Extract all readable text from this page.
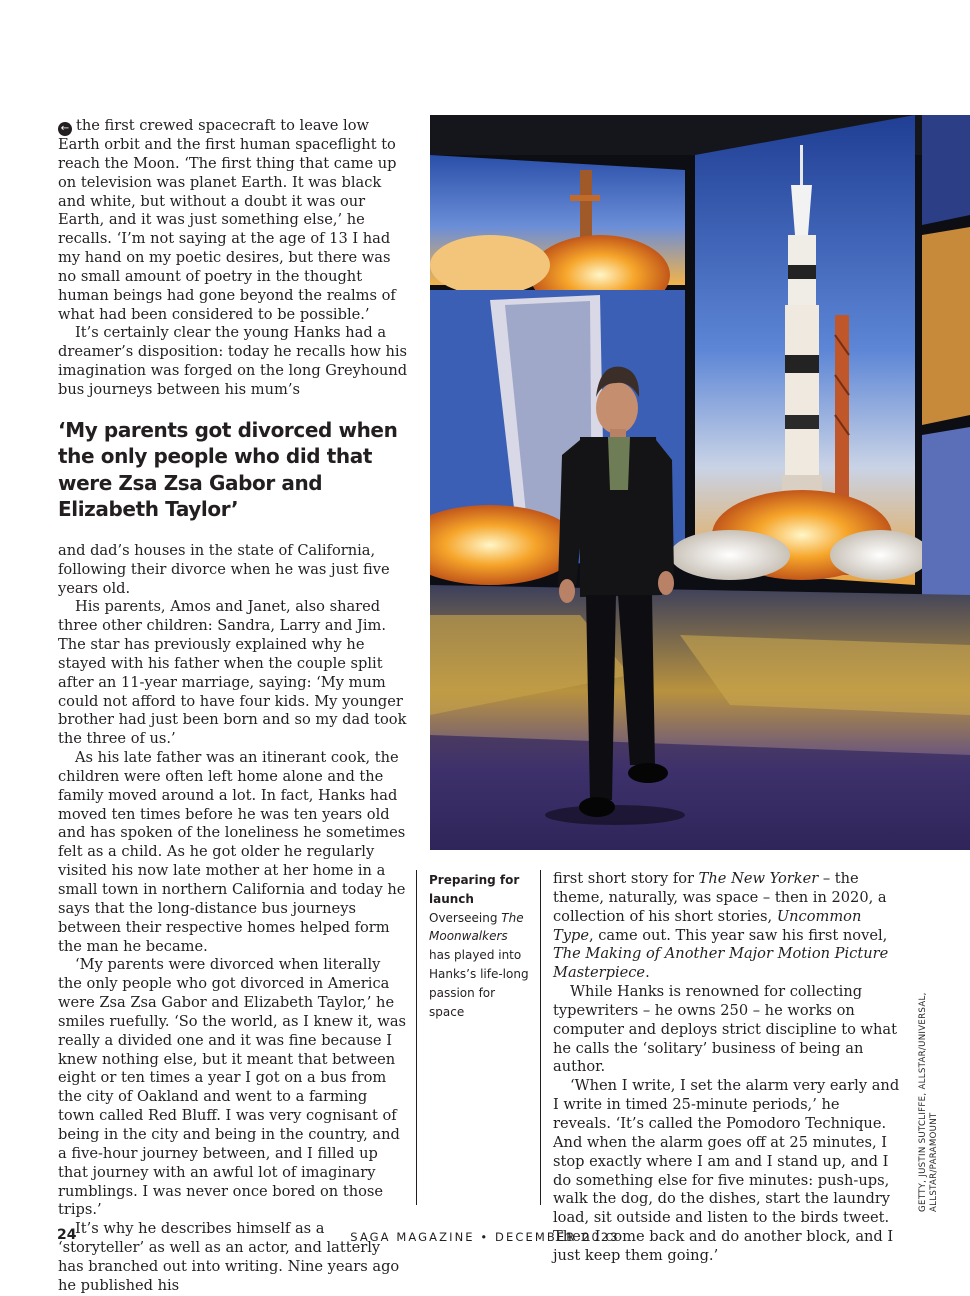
← the first crewed spacecraft to leave low Earth orbit and the first human spaceflight to reach the Moon. ‘The first thing that came up on television was planet Earth. It was black and white, but without a doubt it was our Earth, and it was just something else,’ he recalls. ‘I’m not saying at the age of 13 I had my hand on my poetic desires, but there was no small amount of poetry in the thought human beings had gone beyond the realms of what had been considered to be possible.’

It’s certainly clear the young Hanks had a dreamer’s disposition: today he recalls how his imagination was forged on the long Greyhound bus journeys between his mum’s

‘My parents got divorced when the only people who did that were Zsa Zsa Gabor and Elizabeth Taylor’

and dad’s houses in the state of California, following their divorce when he was just five years old.

His parents, Amos and Janet, also shared three other children: Sandra, Larry and Jim. The star has previously explained why he stayed with his father when the couple split after an 11-year marriage, saying: ‘My mum could not afford to have four kids. My younger brother had just been born and so my dad took the three of us.’

As his late father was an itinerant cook, the children were often left home alone and the family moved around a lot. In fact, Hanks had moved ten times before he was ten years old and has spoken of the loneliness he sometimes felt as a child. As he got older he regularly visited his now late mother at her home in a small town in northern California and today he says that the long-distance bus journeys between their respective homes helped form the man he became.

‘My parents were divorced when literally the only people who got divorced in America were Zsa Zsa Gabor and Elizabeth Taylor,’ he smiles ruefully. ‘So the world, as I knew it, was really a divided one and it was fine because I knew nothing else, but it meant that between eight or ten times a year I got on a bus from the city of Oakland and went to a farming town called Red Bluff. I was very cognisant of being in the city and being in the country, and a five-hour journey between, and I filled up that journey with an awful lot of imaginary rumblings. I was never once bored on those trips.’

It’s why he describes himself as a ‘storyteller’ as well as an actor, and latterly has branched out into writing. Nine years ago he published his

Preparing for launch
Overseeing The Moonwalkers has played into Hanks’s life-long passion for space

first short story for The New Yorker – the theme, naturally, was space – then in 2020, a collection of his short stories, Uncommon Type, came out. This year saw his first novel, The Making of Another Major Motion Picture Masterpiece.

While Hanks is renowned for collecting typewriters – he owns 250 – he works on computer and deploys strict discipline to what he calls the ‘solitary’ business of being an author.

‘When I write, I set the alarm very early and I write in timed 25-minute periods,’ he reveals. ‘It’s called the Pomodoro Technique. And when the alarm goes off at 25 minutes, I stop exactly where I am and I stand up, and I do something else for five minutes: push-ups, walk the dog, do the dishes, start the laundry load, sit outside and listen to the birds tweet. Then I come back and do another block, and I just keep them going.’

GETTY, JUSTIN SUTCLIFFE, ALLSTAR/UNIVERSAL, ALLSTAR/PARAMOUNT
24	SAGA MAGAZINE • DECEMBER 2023
